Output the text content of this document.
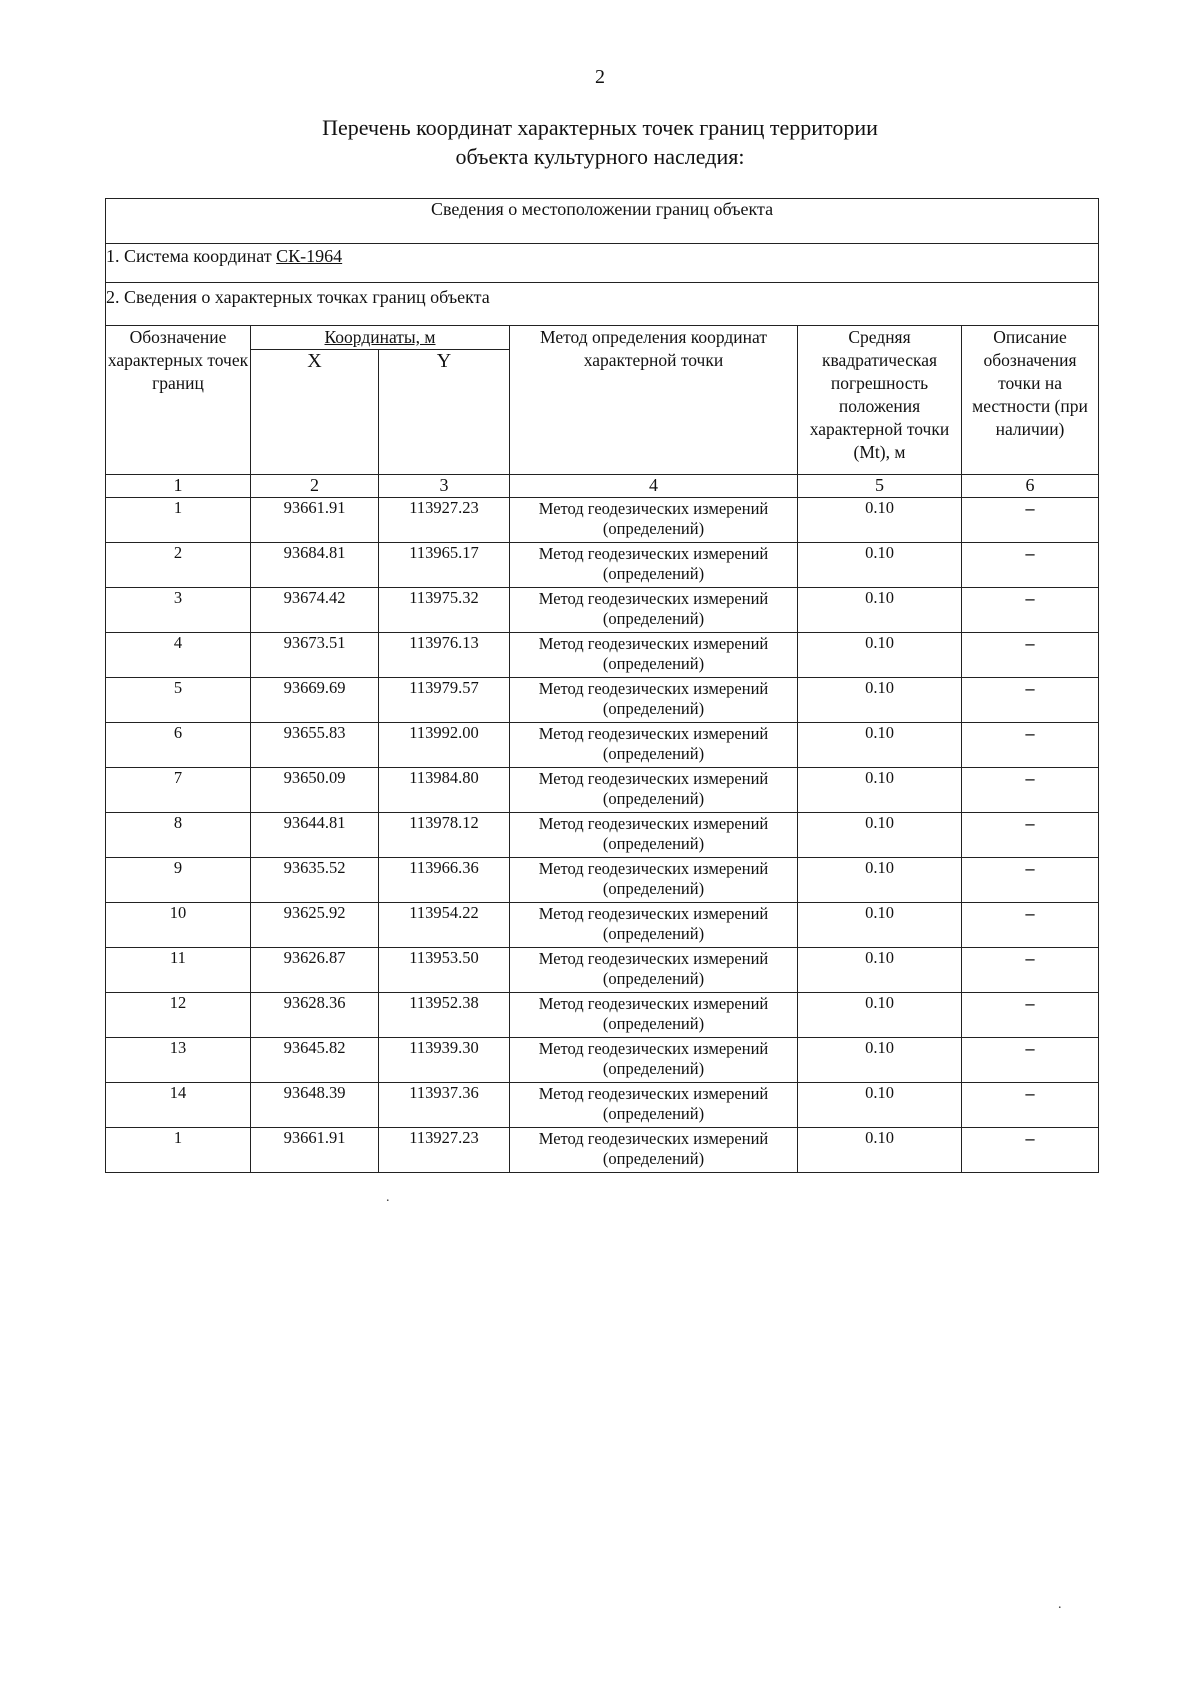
2
Перечень координат характерных точек границ территории
объекта культурного наследия:
Сведения о местоположении границ объекта					
1. Система координат СК-1964					
2. Сведения о характерных точках границ объекта					
Обозначение характерных точек границ	Координаты, м		Метод определения координат характерной точки	Средняя квадратическая погрешность положения характерной точки (Mt), м	Описание обозначения точки на местности (при наличии)
	X	Y			
1	2	3	4	5	6
1	93661.91	113927.23	Метод геодезических измерений (определений)	0.10	–
2	93684.81	113965.17	Метод геодезических измерений (определений)	0.10	–
3	93674.42	113975.32	Метод геодезических измерений (определений)	0.10	–
4	93673.51	113976.13	Метод геодезических измерений (определений)	0.10	–
5	93669.69	113979.57	Метод геодезических измерений (определений)	0.10	–
6	93655.83	113992.00	Метод геодезических измерений (определений)	0.10	–
7	93650.09	113984.80	Метод геодезических измерений (определений)	0.10	–
8	93644.81	113978.12	Метод геодезических измерений (определений)	0.10	–
9	93635.52	113966.36	Метод геодезических измерений (определений)	0.10	–
10	93625.92	113954.22	Метод геодезических измерений (определений)	0.10	–
11	93626.87	113953.50	Метод геодезических измерений (определений)	0.10	–
12	93628.36	113952.38	Метод геодезических измерений (определений)	0.10	–
13	93645.82	113939.30	Метод геодезических измерений (определений)	0.10	–
14	93648.39	113937.36	Метод геодезических измерений (определений)	0.10	–
1	93661.91	113927.23	Метод геодезических измерений (определений)	0.10	–
.
.
